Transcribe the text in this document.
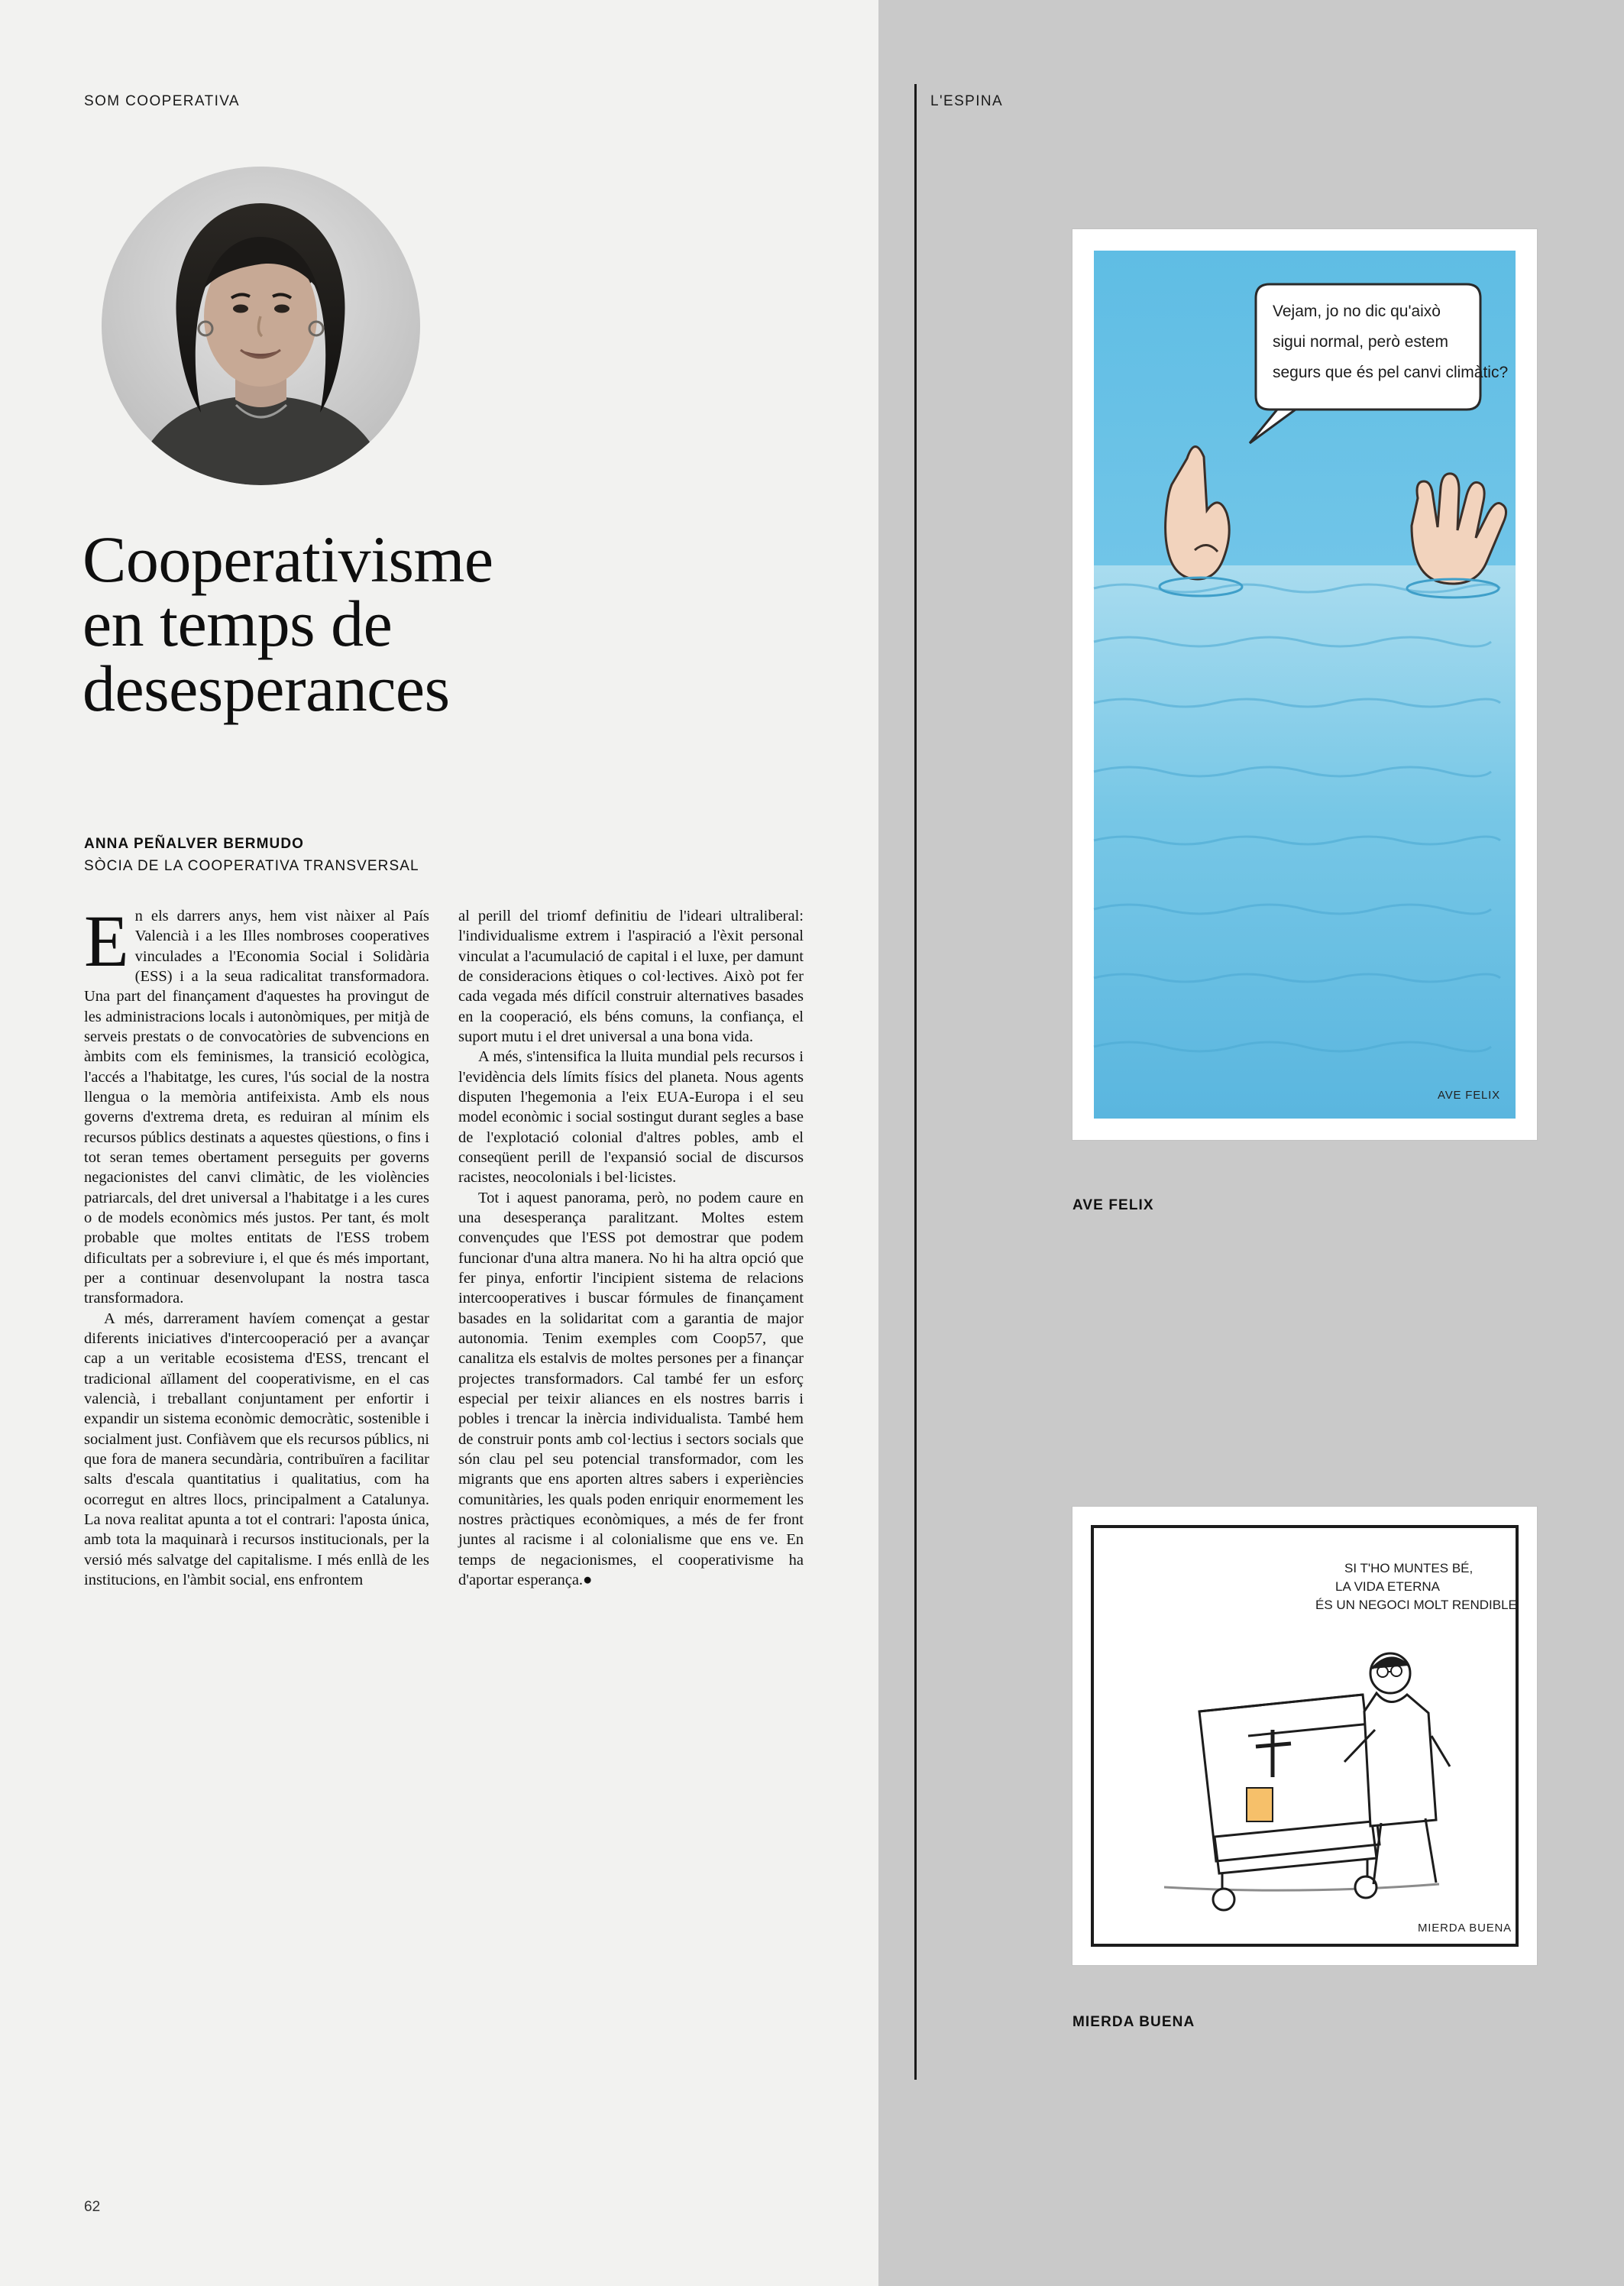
SOM COOPERATIVA	L'ESPINA
Cooperativisme
en temps de
desesperances
ANNA PEÑALVER BERMUDO
SÒCIA DE LA COOPERATIVA TRANSVERSAL

En els darrers anys, hem vist nàixer al País Valencià i a les Illes nombroses cooperatives vinculades a l'Economia Social i Solidària (ESS) i a la seua radicalitat transformadora. Una part del finançament d'aquestes ha provingut de les administracions locals i autonòmiques, per mitjà de serveis prestats o de convocatòries de subvencions en àmbits com els feminismes, la transició ecològica, l'accés a l'habitatge, les cures, l'ús social de la nostra llengua o la memòria antifeixista. Amb els nous governs d'extrema dreta, es reduiran al mínim els recursos públics destinats a aquestes qüestions, o fins i tot seran temes obertament perseguits per governs negacionistes del canvi climàtic, de les violències patriarcals, del dret universal a l'habitatge i a les cures o de models econòmics més justos. Per tant, és molt probable que moltes entitats de l'ESS trobem dificultats per a sobreviure i, el que és més important, per a continuar desenvolupant la nostra tasca transformadora.

A més, darrerament havíem començat a gestar diferents iniciatives d'intercooperació per a avançar cap a un veritable ecosistema d'ESS, trencant el tradicional aïllament del cooperativisme, en el cas valencià, i treballant conjuntament per enfortir i expandir un sistema econòmic democràtic, sostenible i socialment just. Confiàvem que els recursos públics, ni que fora de manera secundària, contribuïren a facilitar salts d'escala quantitatius i qualitatius, com ha ocorregut en altres llocs, principalment a Catalunya. La nova realitat apunta a tot el contrari: l'aposta única, amb tota la maquinarà i recursos institucionals, per la versió més salvatge del capitalisme. I més enllà de les institucions, en l'àmbit social, ens enfrontem

al perill del triomf definitiu de l'ideari ultraliberal: l'individualisme extrem i l'aspiració a l'èxit personal vinculat a l'acumulació de capital i el luxe, per damunt de consideracions ètiques o col·lectives. Això pot fer cada vegada més difícil construir alternatives basades en la cooperació, els béns comuns, la confiança, el suport mutu i el dret universal a una bona vida.

A més, s'intensifica la lluita mundial pels recursos i l'evidència dels límits físics del planeta. Nous agents disputen l'hegemonia a l'eix EUA-Europa i el seu model econòmic i social sostingut durant segles a base de l'explotació colonial d'altres pobles, amb el conseqüent perill de l'expansió social de discursos racistes, neocolonials i bel·licistes.

Tot i aquest panorama, però, no podem caure en una desesperança paralitzant. Moltes estem convençudes que l'ESS pot demostrar que podem funcionar d'una altra manera. No hi ha altra opció que fer pinya, enfortir l'incipient sistema de relacions intercooperatives i buscar fórmules de finançament basades en la solidaritat com a garantia de major autonomia. Tenim exemples com Coop57, que canalitza els estalvis de moltes persones per a finançar projectes transformadors. Cal també fer un esforç especial per teixir aliances en els nostres barris i pobles i trencar la inèrcia individualista. També hem de construir ponts amb col·lectius i sectors socials que són clau pel seu potencial transformador, com les migrants que ens aporten altres sabers i experiències comunitàries, les quals poden enriquir enormement les nostres pràctiques econòmiques, a més de fer front juntes al racisme i al colonialisme que ens ve. En temps de negacionismes, el cooperativisme ha d'aportar esperança.●

62
Vejam, jo no dic qu'això
sigui normal, però estem
segurs que és pel canvi climàtic?
AVE FELIX
AVE FELIX
SI T'HO MUNTES BÉ,
LA VIDA ETERNA
ÉS UN NEGOCI MOLT RENDIBLE
MIERDA BUENA
MIERDA BUENA
